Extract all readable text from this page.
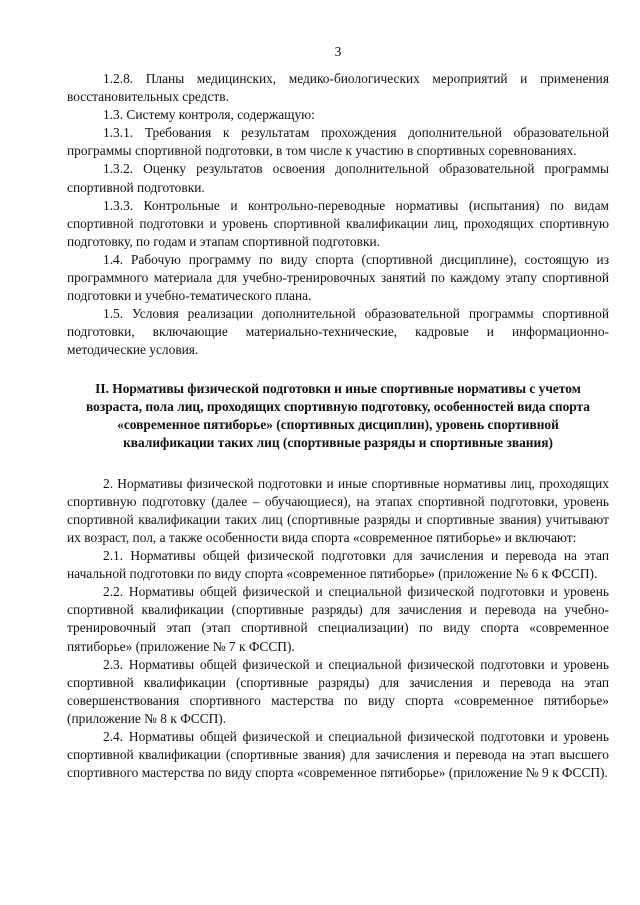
3

1.2.8. Планы медицинских, медико-биологических мероприятий и применения восстановительных средств.

1.3. Систему контроля, содержащую:

1.3.1. Требования к результатам прохождения дополнительной образовательной программы спортивной подготовки, в том числе к участию в спортивных соревнованиях.

1.3.2. Оценку результатов освоения дополнительной образовательной программы спортивной подготовки.

1.3.3. Контрольные и контрольно-переводные нормативы (испытания) по видам спортивной подготовки и уровень спортивной квалификации лиц, проходящих спортивную подготовку, по годам и этапам спортивной подготовки.

1.4. Рабочую программу по виду спорта (спортивной дисциплине), состоящую из программного материала для учебно-тренировочных занятий по каждому этапу спортивной подготовки и учебно-тематического плана.

1.5. Условия реализации дополнительной образовательной программы спортивной подготовки, включающие материально-технические, кадровые и информационно-методические условия.

II. Нормативы физической подготовки и иные спортивные нормативы с учетом возраста, пола лиц, проходящих спортивную подготовку, особенностей вида спорта «современное пятиборье» (спортивных дисциплин), уровень спортивной квалификации таких лиц (спортивные разряды и спортивные звания)

2. Нормативы физической подготовки и иные спортивные нормативы лиц, проходящих спортивную подготовку (далее – обучающиеся), на этапах спортивной подготовки, уровень спортивной квалификации таких лиц (спортивные разряды и спортивные звания) учитывают их возраст, пол, а также особенности вида спорта «современное пятиборье» и включают:

2.1. Нормативы общей физической подготовки для зачисления и перевода на этап начальной подготовки по виду спорта «современное пятиборье» (приложение № 6 к ФССП).

2.2. Нормативы общей физической и специальной физической подготовки и уровень спортивной квалификации (спортивные разряды) для зачисления и перевода на учебно-тренировочный этап (этап спортивной специализации) по виду спорта «современное пятиборье» (приложение № 7 к ФССП).

2.3. Нормативы общей физической и специальной физической подготовки и уровень спортивной квалификации (спортивные разряды) для зачисления и перевода на этап совершенствования спортивного мастерства по виду спорта «современное пятиборье» (приложение № 8 к ФССП).

2.4. Нормативы общей физической и специальной физической подготовки и уровень спортивной квалификации (спортивные звания) для зачисления и перевода на этап высшего спортивного мастерства по виду спорта «современное пятиборье» (приложение № 9 к ФССП).
